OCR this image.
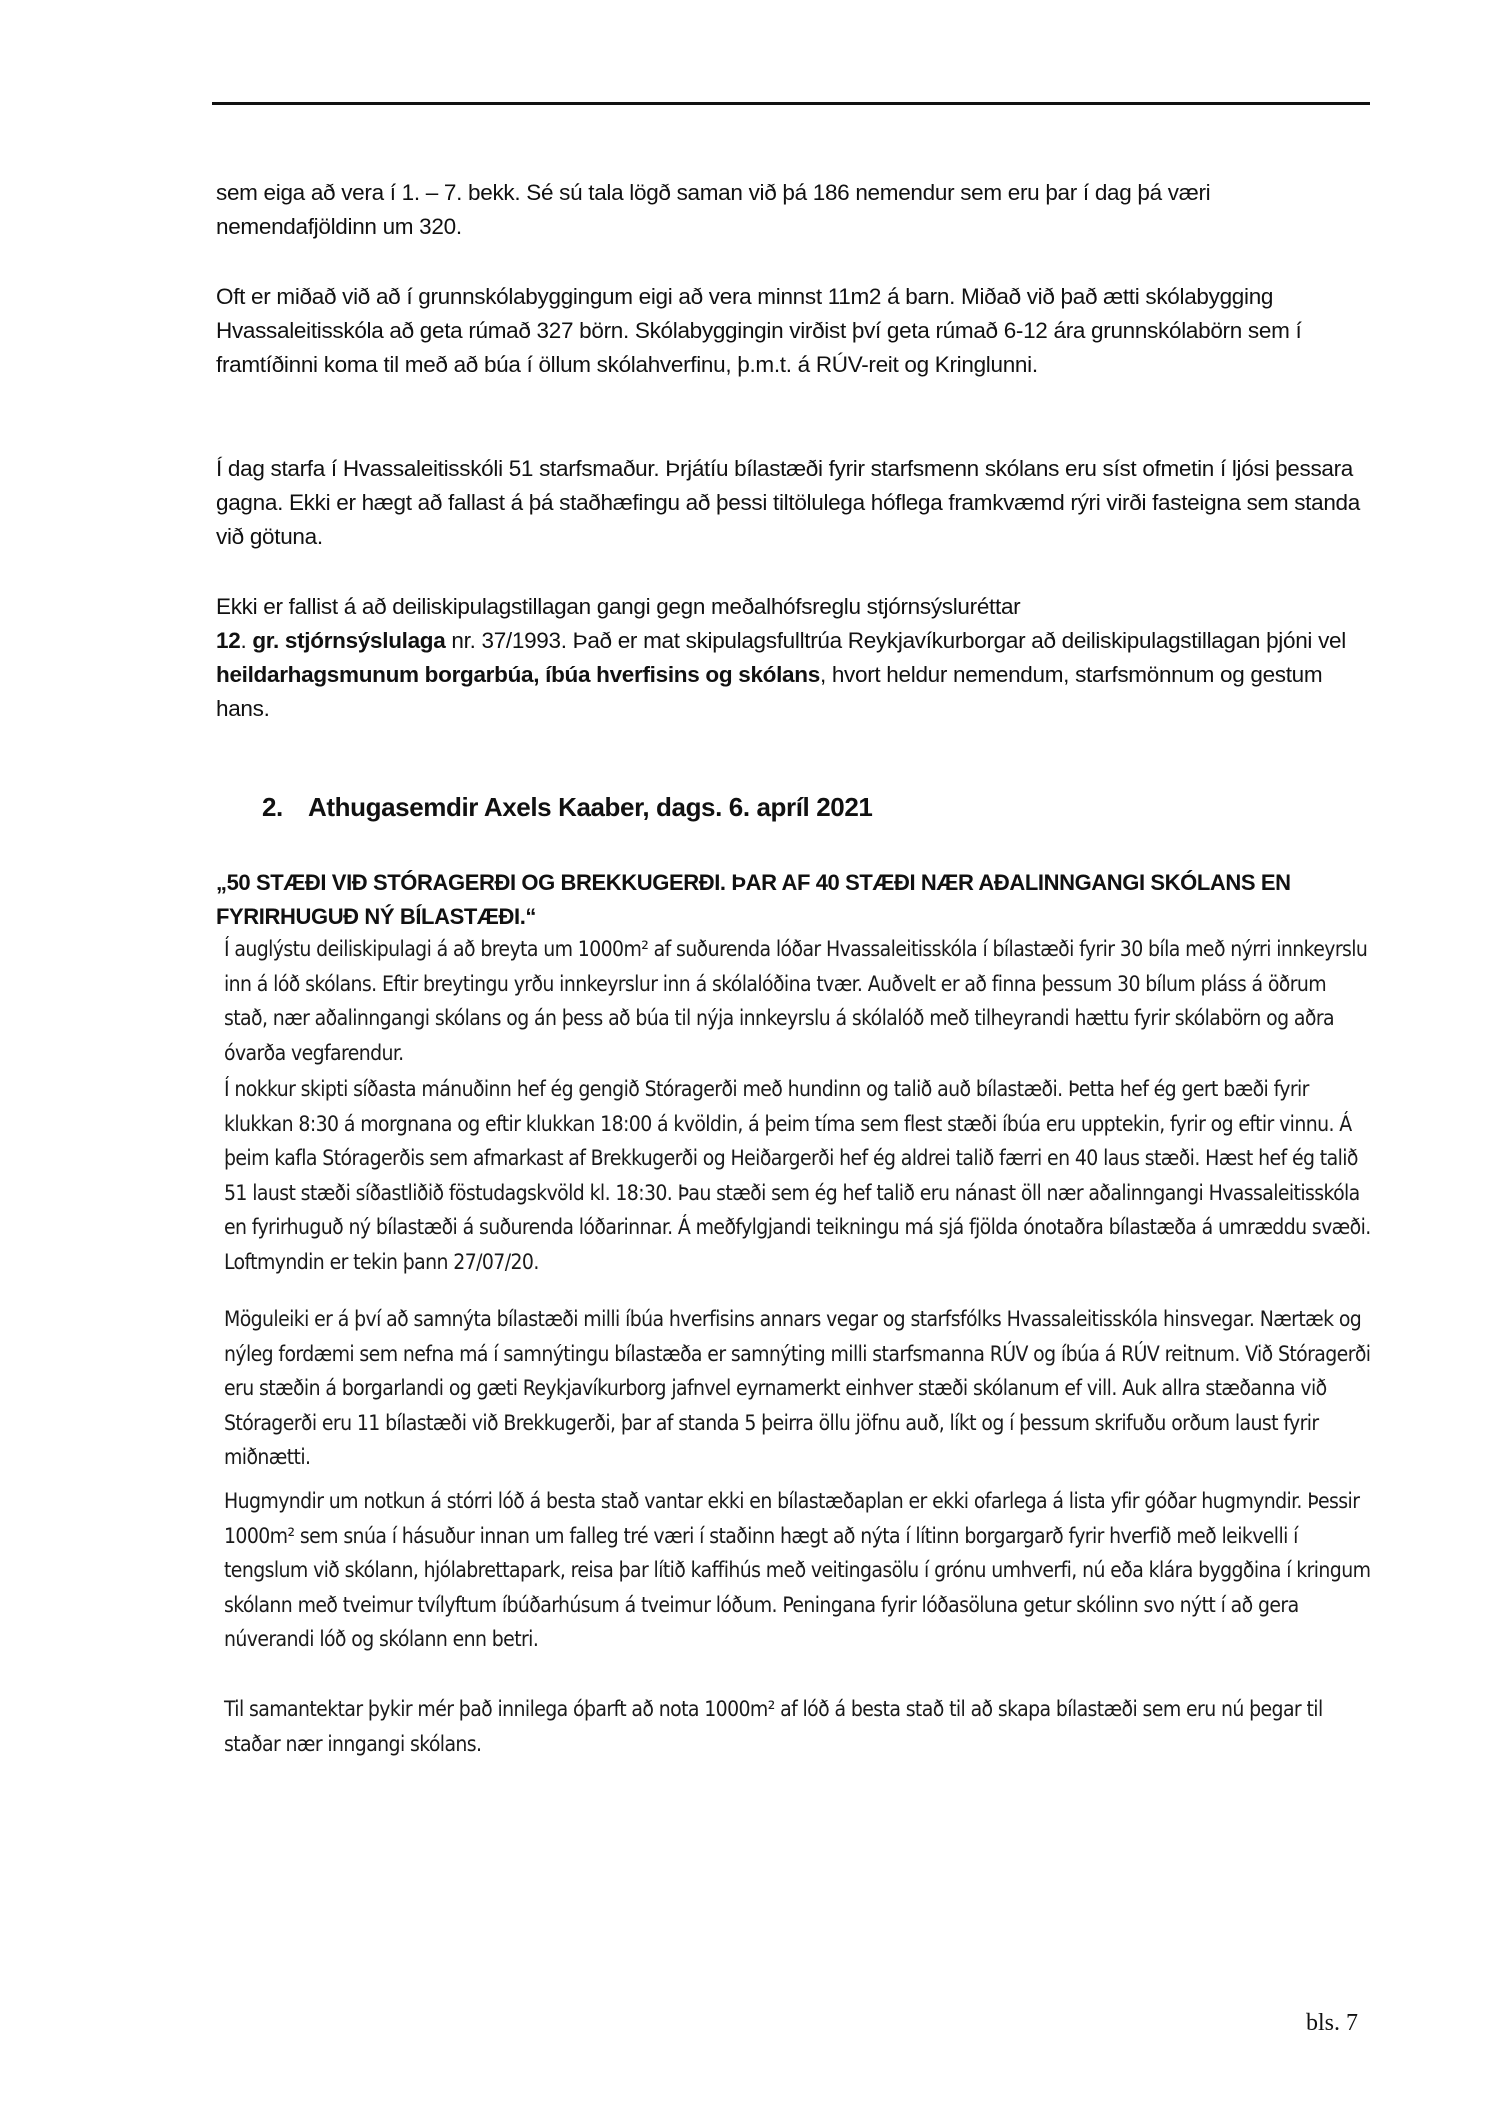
sem eiga að vera í 1. – 7. bekk. Sé sú tala lögð saman við þá 186 nemendur sem eru þar í dag þá væri nemendafjöldinn um 320.

Oft er miðað við að í grunnskólabyggingum eigi að vera minnst 11m2 á barn. Miðað við það ætti skólabygging Hvassaleitisskóla að geta rúmað 327 börn. Skólabyggingin virðist því geta rúmað 6-12 ára grunnskólabörn sem í framtíðinni koma til með að búa í öllum skólahverfinu, þ.m.t. á RÚV-reit og Kringlunni.

Í dag starfa í Hvassaleitisskóli 51 starfsmaður. Þrjátíu bílastæði fyrir starfsmenn skólans eru síst ofmetin í ljósi þessara gagna. Ekki er hægt að fallast á þá staðhæfingu að þessi tiltölulega hóflega framkvæmd rýri virði fasteigna sem standa við götuna.

Ekki er fallist á að deiliskipulagstillagan gangi gegn meðalhófsreglu stjórnsýsluréttar
12. gr. stjórnsýslulaga nr. 37/1993. Það er mat skipulagsfulltrúa Reykjavíkurborgar að deiliskipulagstillagan þjóni vel heildarhagsmunum borgarbúa, íbúa hverfisins og skólans, hvort heldur nemendum, starfsmönnum og gestum hans.

2. Athugasemdir Axels Kaaber, dags. 6. apríl 2021
„50 STÆÐI VIÐ STÓRAGERÐI OG BREKKUGERÐI. ÞAR AF 40 STÆÐI NÆR AÐALINNGANGI SKÓLANS EN FYRIRHUGUÐ NÝ BÍLASTÆÐI.“

Í auglýstu deiliskipulagi á að breyta um 1000m² af suðurenda lóðar Hvassaleitisskóla í bílastæði fyrir 30 bíla með nýrri innkeyrslu inn á lóð skólans. Eftir breytingu yrðu innkeyrslur inn á skólalóðina tvær. Auðvelt er að finna þessum 30 bílum pláss á öðrum stað, nær aðalinngangi skólans og án þess að búa til nýja innkeyrslu á skólalóð með tilheyrandi hættu fyrir skólabörn og aðra óvarða vegfarendur.

Í nokkur skipti síðasta mánuðinn hef ég gengið Stóragerði með hundinn og talið auð bílastæði. Þetta hef ég gert bæði fyrir klukkan 8:30 á morgnana og eftir klukkan 18:00 á kvöldin, á þeim tíma sem flest stæði íbúa eru upptekin, fyrir og eftir vinnu. Á þeim kafla Stóragerðis sem afmarkast af Brekkugerði og Heiðargerði hef ég aldrei talið færri en 40 laus stæði. Hæst hef ég talið 51 laust stæði síðastliðið föstudagskvöld kl. 18:30. Þau stæði sem ég hef talið eru nánast öll nær aðalinngangi Hvassaleitisskóla en fyrirhuguð ný bílastæði á suðurenda lóðarinnar. Á meðfylgjandi teikningu má sjá fjölda ónotaðra bílastæða á umræddu svæði. Loftmyndin er tekin þann 27/07/20.

Möguleiki er á því að samnýta bílastæði milli íbúa hverfisins annars vegar og starfsfólks Hvassaleitisskóla hinsvegar. Nærtæk og nýleg fordæmi sem nefna má í samnýtingu bílastæða er samnýting milli starfsmanna RÚV og íbúa á RÚV reitnum. Við Stóragerði eru stæðin á borgarlandi og gæti Reykjavíkurborg jafnvel eyrnamerkt einhver stæði skólanum ef vill. Auk allra stæðanna við Stóragerði eru 11 bílastæði við Brekkugerði, þar af standa 5 þeirra öllu jöfnu auð, líkt og í þessum skrifuðu orðum laust fyrir miðnætti.

Hugmyndir um notkun á stórri lóð á besta stað vantar ekki en bílastæðaplan er ekki ofarlega á lista yfir góðar hugmyndir. Þessir 1000m² sem snúa í hásuður innan um falleg tré væri í staðinn hægt að nýta í lítinn borgargarð fyrir hverfið með leikvelli í tengslum við skólann, hjólabrettapark, reisa þar lítið kaffihús með veitingasölu í grónu umhverfi, nú eða klára byggðina í kringum skólann með tveimur tvílyftum íbúðarhúsum á tveimur lóðum. Peningana fyrir lóðasöluna getur skólinn svo nýtt í að gera núverandi lóð og skólann enn betri.

Til samantektar þykir mér það innilega óþarft að nota 1000m² af lóð á besta stað til að skapa bílastæði sem eru nú þegar til staðar nær inngangi skólans.

bls. 7
